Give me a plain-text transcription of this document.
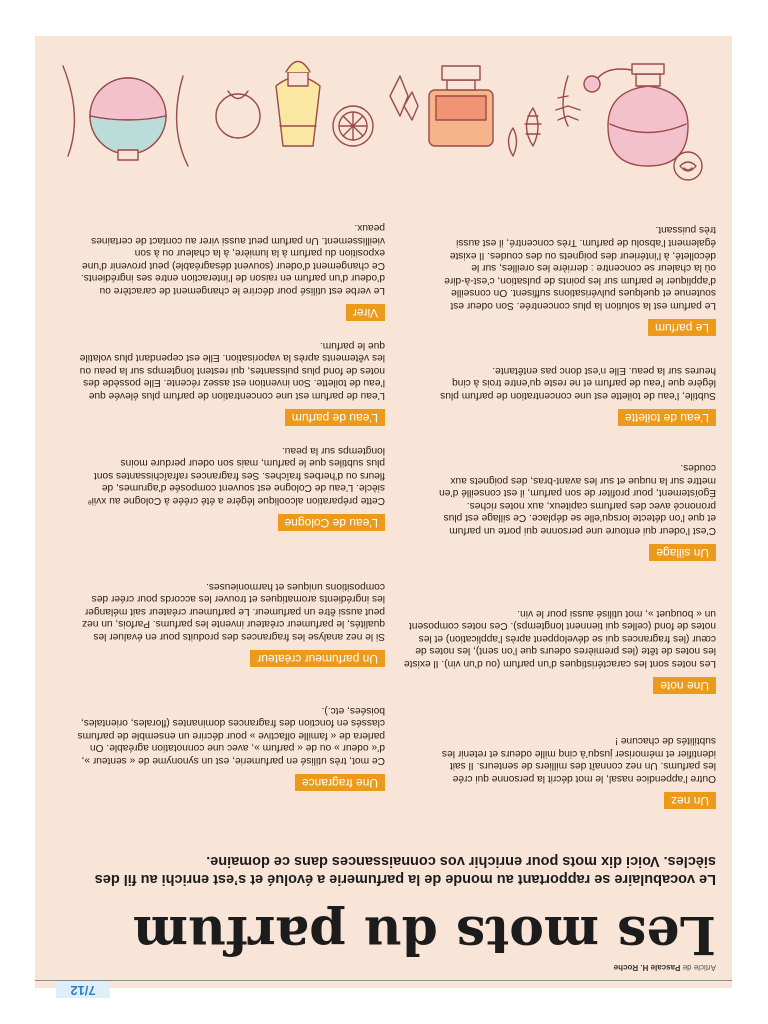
7/12

Article de Pascale H. Roche

Les mots du parfum

Le vocabulaire se rapportant au monde de la parfumerie a évolué et s’est enrichi au fil des siècles. Voici dix mots pour enrichir vos connaissances dans ce domaine.

Un nez

Outre l’appendice nasal, le mot décrit la personne qui crée les parfums. Un nez connaît des milliers de senteurs. Il sait identifier et mémoriser jusqu’à cinq mille odeurs et retenir les subtilités de chacune !

Une note

Les notes sont les caractéristiques d’un parfum (ou d’un vin). Il existe les notes de tête (les premières odeurs que l’on sent), les notes de cœur (les fragrances qui se développent après l’application) et les notes de fond (celles qui tiennent longtemps). Ces notes composent un « bouquet », mot utilisé aussi pour le vin.

Un sillage

C’est l’odeur qui entoure une personne qui porte un parfum et que l’on détecte lorsqu’elle se déplace. Ce sillage est plus prononcé avec des parfums capiteux, aux notes riches. Égoïstement, pour profiter de son parfum, il est conseillé d’en mettre sur la nuque et sur les avant-bras, des poignets aux coudes.

L’eau de toilette

Subtile, l’eau de toilette est une concentration de parfum plus légère que l’eau de parfum et ne reste qu’entre trois à cinq heures sur la peau. Elle n’est donc pas entêtante.

Le parfum

Le parfum est la solution la plus concentrée. Son odeur est soutenue et quelques pulvérisations suffisent. On conseille d’appliquer le parfum sur les points de pulsation, c’est-à-dire où la chaleur se concentre : derrière les oreilles, sur le décolleté, à l’intérieur des poignets ou des coudes. Il existe également l’absolu de parfum. Très concentré, il est aussi très puissant.

Une fragrance

Ce mot, très utilisé en parfumerie, est un synonyme de « senteur », d’« odeur » ou de « parfum », avec une connotation agréable. On parlera de « famille olfactive » pour décrire un ensemble de parfums classés en fonction des fragrances dominantes (florales, orientales, boisées, etc.).

Un parfumeur créateur

Si le nez analyse les fragrances des produits pour en évaluer les qualités, le parfumeur créateur invente les parfums. Parfois, un nez peut aussi être un parfumeur. Le parfumeur créateur sait mélanger les ingrédients aromatiques et trouver les accords pour créer des compositions uniques et harmonieuses.

L’eau de Cologne

Cette préparation alcoolique légère a été créée à Cologne au xviiᵉ siècle. L’eau de Cologne est souvent composée d’agrumes, de fleurs ou d’herbes fraîches. Ses fragrances rafraîchissantes sont plus subtiles que le parfum, mais son odeur perdure moins longtemps sur la peau.

L’eau de parfum

L’eau de parfum est une concentration de parfum plus élevée que l’eau de toilette. Son invention est assez récente. Elle possède des notes de fond plus puissantes, qui restent longtemps sur la peau ou les vêtements après la vaporisation. Elle est cependant plus volatile que le parfum.

Virer

Le verbe est utilisé pour décrire le changement de caractère ou d’odeur d’un parfum en raison de l’interaction entre ses ingrédients. Ce changement d’odeur (souvent désagréable) peut provenir d’une exposition du parfum à la lumière, à la chaleur ou à son vieillissement. Un parfum peut aussi virer au contact de certaines peaux.
